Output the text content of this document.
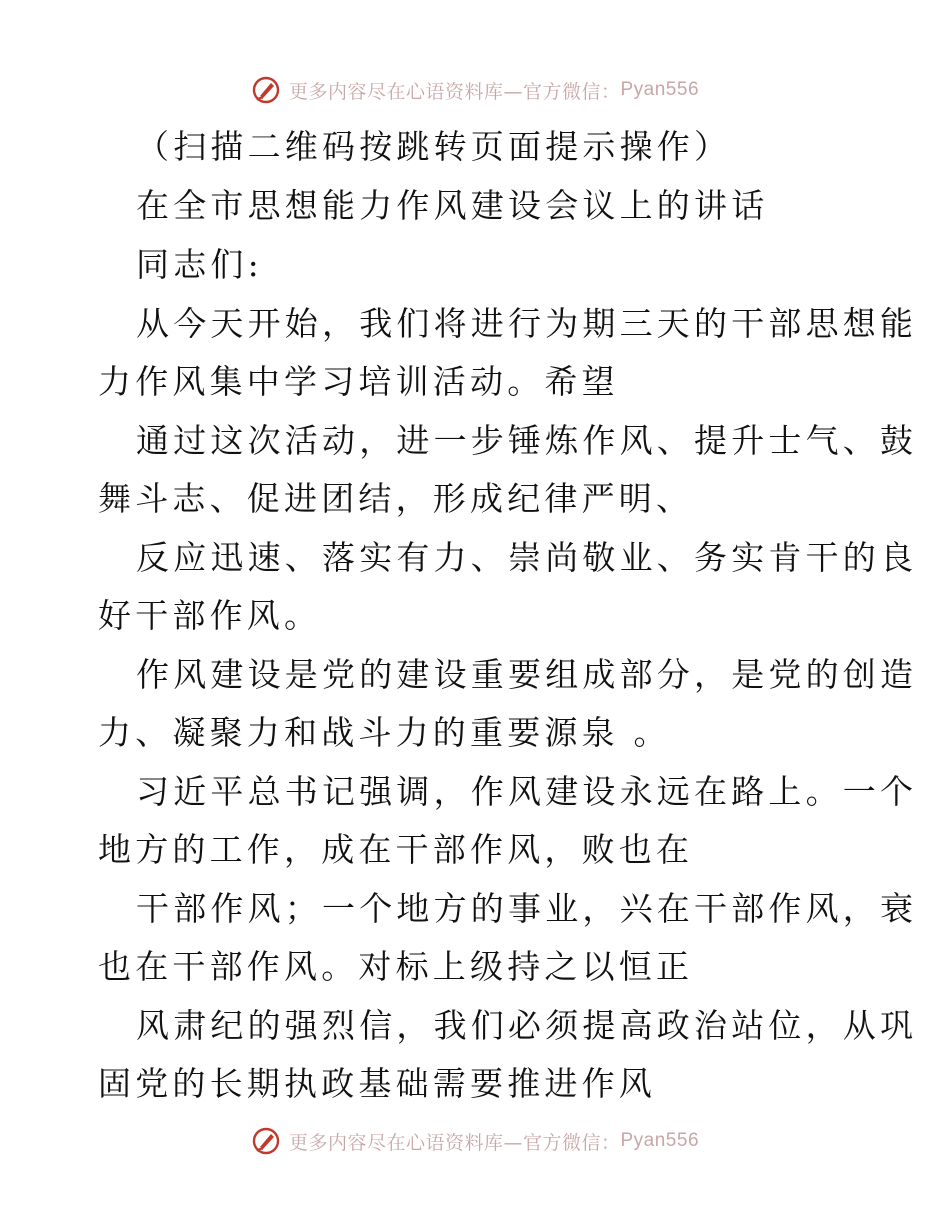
更多内容尽在心语资料库—官方微信： Pyan556
（扫描二维码按跳转页面提示操作）
在全市思想能力作风建设会议上的讲话
同志们:
从今天开始，我们将进行为期三天的干部思想能
力作风集中学习培训活动。希望
通过这次活动，进一步锤炼作风、提升士气、鼓
舞斗志、促进团结，形成纪律严明、
反应迅速、落实有力、崇尚敬业、务实肯干的良
好干部作风。
作风建设是党的建设重要组成部分，是党的创造
力、凝聚力和战斗力的重要源泉 。
习近平总书记强调，作风建设永远在路上。一个
地方的工作，成在干部作风，败也在
干部作风；一个地方的事业，兴在干部作风，衰
也在干部作风。对标上级持之以恒正
风肃纪的强烈信，我们必须提高政治站位，从巩
固党的长期执政基础需要推进作风
更多内容尽在心语资料库—官方微信： Pyan556
